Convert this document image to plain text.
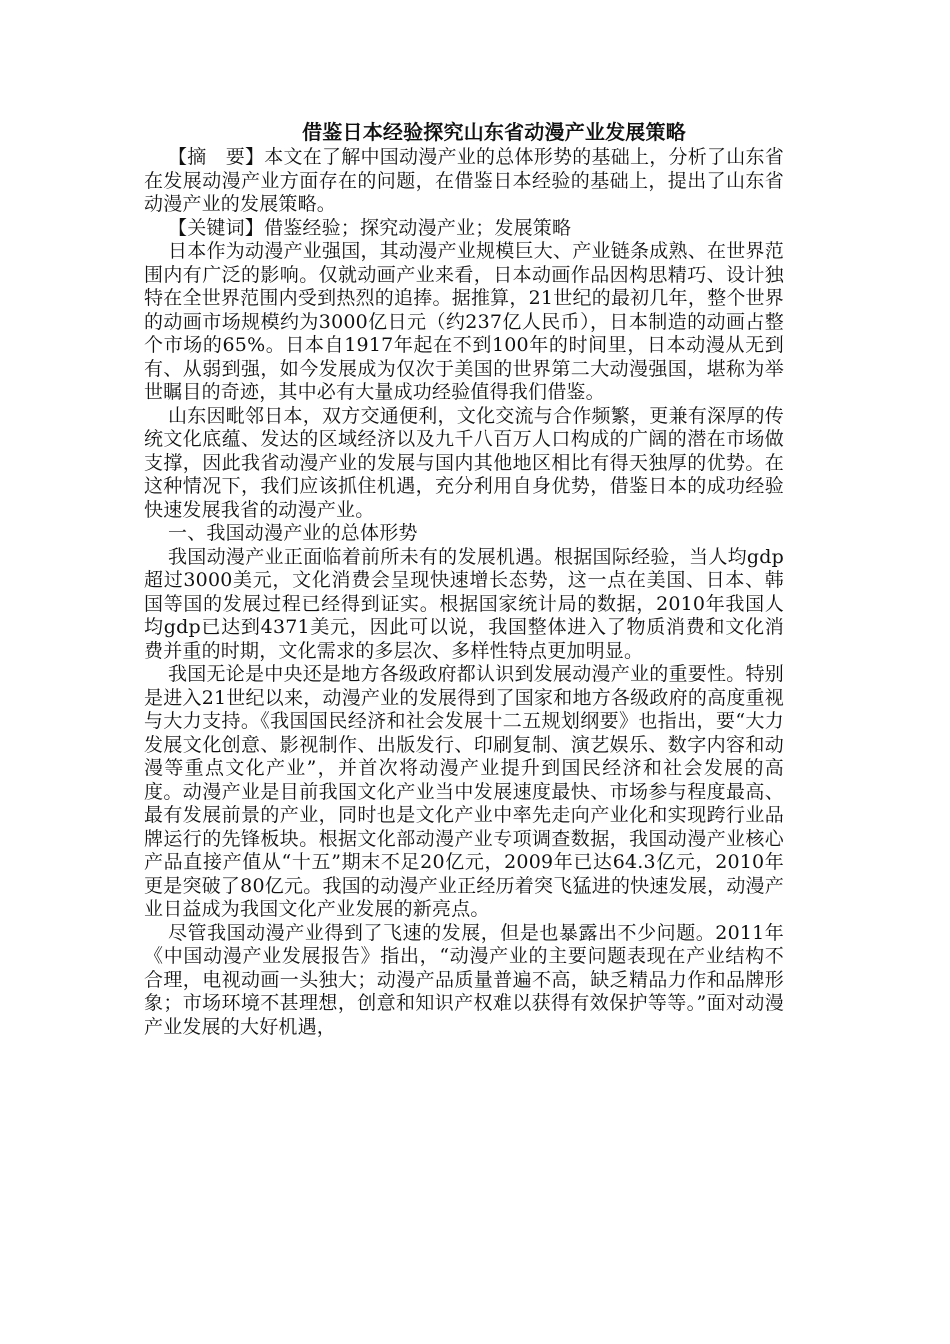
借鉴日本经验探究山东省动漫产业发展策略

【摘　要】本文在了解中国动漫产业的总体形势的基础上，分析了山东省在发展动漫产业方面存在的问题，在借鉴日本经验的基础上，提出了山东省动漫产业的发展策略。

【关键词】借鉴经验；探究动漫产业；发展策略

日本作为动漫产业强国，其动漫产业规模巨大、产业链条成熟、在世界范围内有广泛的影响。仅就动画产业来看，日本动画作品因构思精巧、设计独特在全世界范围内受到热烈的追捧。据推算，21世纪的最初几年，整个世界的动画市场规模约为3000亿日元（约237亿人民币），日本制造的动画占整个市场的65%。日本自1917年起在不到100年的时间里，日本动漫从无到有、从弱到强，如今发展成为仅次于美国的世界第二大动漫强国，堪称为举世瞩目的奇迹，其中必有大量成功经验值得我们借鉴。

山东因毗邻日本，双方交通便利，文化交流与合作频繁，更兼有深厚的传统文化底蕴、发达的区域经济以及九千八百万人口构成的广阔的潜在市场做支撑，因此我省动漫产业的发展与国内其他地区相比有得天独厚的优势。在这种情况下，我们应该抓住机遇，充分利用自身优势，借鉴日本的成功经验快速发展我省的动漫产业。

一、我国动漫产业的总体形势

我国动漫产业正面临着前所未有的发展机遇。根据国际经验，当人均gdp超过3000美元，文化消费会呈现快速增长态势，这一点在美国、日本、韩国等国的发展过程已经得到证实。根据国家统计局的数据，2010年我国人均gdp已达到4371美元，因此可以说，我国整体进入了物质消费和文化消费并重的时期，文化需求的多层次、多样性特点更加明显。

我国无论是中央还是地方各级政府都认识到发展动漫产业的重要性。特别是进入21世纪以来，动漫产业的发展得到了国家和地方各级政府的高度重视与大力支持。《我国国民经济和社会发展十二五规划纲要》也指出，要“大力发展文化创意、影视制作、出版发行、印刷复制、演艺娱乐、数字内容和动漫等重点文化产业”，并首次将动漫产业提升到国民经济和社会发展的高度。动漫产业是目前我国文化产业当中发展速度最快、市场参与程度最高、最有发展前景的产业，同时也是文化产业中率先走向产业化和实现跨行业品牌运行的先锋板块。根据文化部动漫产业专项调查数据，我国动漫产业核心产品直接产值从“十五”期末不足20亿元，2009年已达64.3亿元，2010年更是突破了80亿元。我国的动漫产业正经历着突飞猛进的快速发展，动漫产业日益成为我国文化产业发展的新亮点。

尽管我国动漫产业得到了飞速的发展，但是也暴露出不少问题。2011年《中国动漫产业发展报告》指出，“动漫产业的主要问题表现在产业结构不合理，电视动画一头独大；动漫产品质量普遍不高，缺乏精品力作和品牌形象；市场环境不甚理想，创意和知识产权难以获得有效保护等等。”面对动漫产业发展的大好机遇，
